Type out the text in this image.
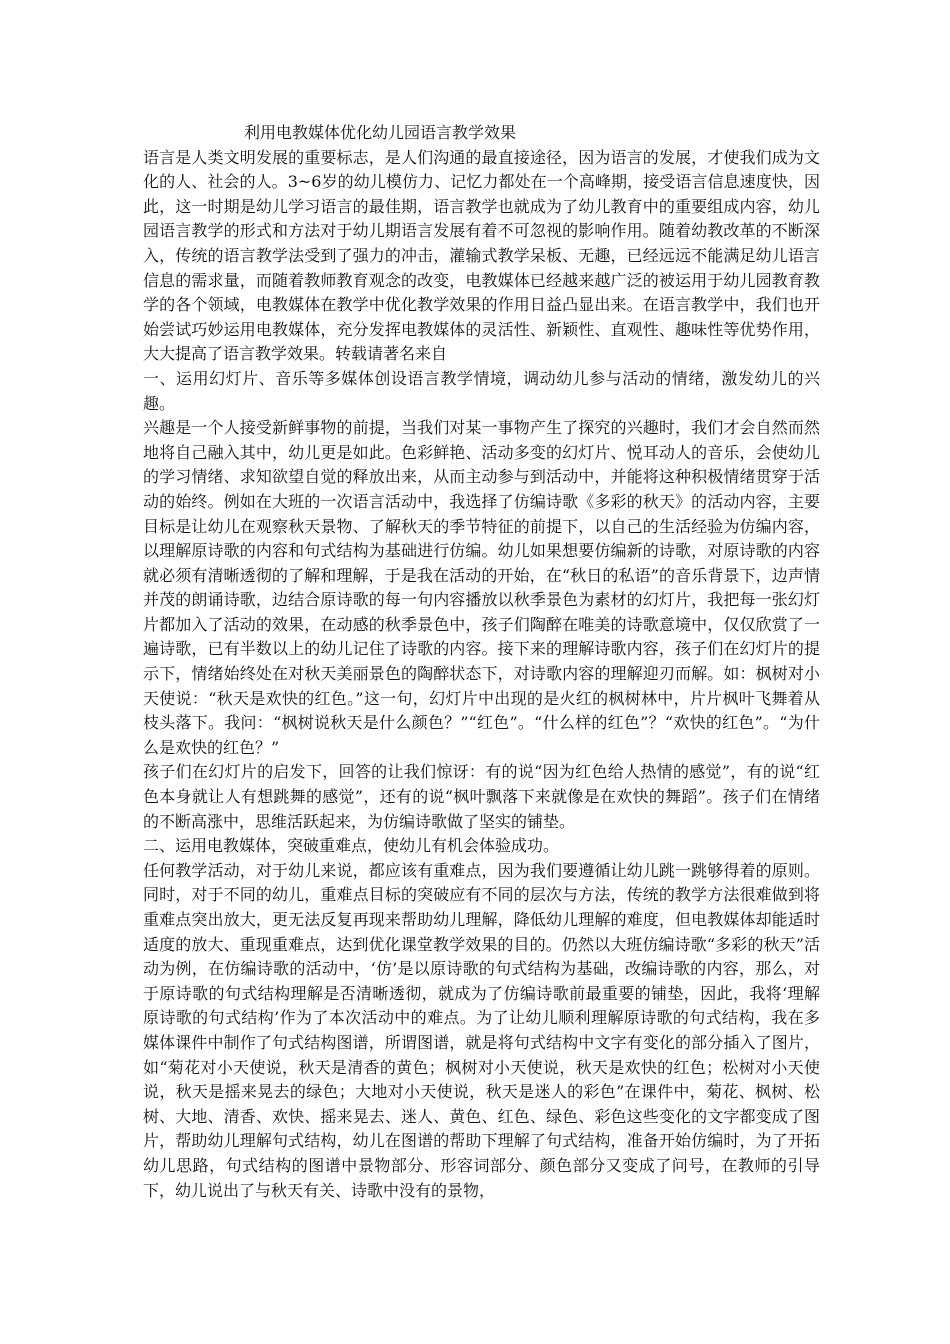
利用电教媒体优化幼儿园语言教学效果

语言是人类文明发展的重要标志，是人们沟通的最直接途径，因为语言的发展，才使我们成为文化的人、社会的人。3~6岁的幼儿模仿力、记忆力都处在一个高峰期，接受语言信息速度快，因此，这一时期是幼儿学习语言的最佳期，语言教学也就成为了幼儿教育中的重要组成内容，幼儿园语言教学的形式和方法对于幼儿期语言发展有着不可忽视的影响作用。随着幼教改革的不断深入，传统的语言教学法受到了强力的冲击，灌输式教学呆板、无趣，已经远远不能满足幼儿语言信息的需求量，而随着教师教育观念的改变，电教媒体已经越来越广泛的被运用于幼儿园教育教学的各个领域，电教媒体在教学中优化教学效果的作用日益凸显出来。在语言教学中，我们也开始尝试巧妙运用电教媒体，充分发挥电教媒体的灵活性、新颖性、直观性、趣味性等优势作用，大大提高了语言教学效果。转载请著名来自

一、运用幻灯片、音乐等多媒体创设语言教学情境，调动幼儿参与活动的情绪，激发幼儿的兴趣。

兴趣是一个人接受新鲜事物的前提，当我们对某一事物产生了探究的兴趣时，我们才会自然而然地将自己融入其中，幼儿更是如此。色彩鲜艳、活动多变的幻灯片、悦耳动人的音乐，会使幼儿的学习情绪、求知欲望自觉的释放出来，从而主动参与到活动中，并能将这种积极情绪贯穿于活动的始终。例如在大班的一次语言活动中，我选择了仿编诗歌《多彩的秋天》的活动内容，主要目标是让幼儿在观察秋天景物、了解秋天的季节特征的前提下，以自己的生活经验为仿编内容，以理解原诗歌的内容和句式结构为基础进行仿编。幼儿如果想要仿编新的诗歌，对原诗歌的内容就必须有清晰透彻的了解和理解，于是我在活动的开始，在“秋日的私语”的音乐背景下，边声情并茂的朗诵诗歌，边结合原诗歌的每一句内容播放以秋季景色为素材的幻灯片，我把每一张幻灯片都加入了活动的效果，在动感的秋季景色中，孩子们陶醉在唯美的诗歌意境中，仅仅欣赏了一遍诗歌，已有半数以上的幼儿记住了诗歌的内容。接下来的理解诗歌内容，孩子们在幻灯片的提示下，情绪始终处在对秋天美丽景色的陶醉状态下，对诗歌内容的理解迎刃而解。如：枫树对小天使说：“秋天是欢快的红色。”这一句，幻灯片中出现的是火红的枫树林中，片片枫叶飞舞着从枝头落下。我问：“枫树说秋天是什么颜色？”“红色”。“什么样的红色”？“欢快的红色”。“为什么是欢快的红色？”

孩子们在幻灯片的启发下，回答的让我们惊讶：有的说“因为红色给人热情的感觉”，有的说“红色本身就让人有想跳舞的感觉”，还有的说“枫叶飘落下来就像是在欢快的舞蹈”。孩子们在情绪的不断高涨中，思维活跃起来，为仿编诗歌做了坚实的铺垫。

二、运用电教媒体，突破重难点，使幼儿有机会体验成功。

任何教学活动，对于幼儿来说，都应该有重难点，因为我们要遵循让幼儿跳一跳够得着的原则。同时，对于不同的幼儿，重难点目标的突破应有不同的层次与方法，传统的教学方法很难做到将重难点突出放大，更无法反复再现来帮助幼儿理解，降低幼儿理解的难度，但电教媒体却能适时适度的放大、重现重难点，达到优化课堂教学效果的目的。仍然以大班仿编诗歌“多彩的秋天”活动为例，在仿编诗歌的活动中，‘仿’是以原诗歌的句式结构为基础，改编诗歌的内容，那么，对于原诗歌的句式结构理解是否清晰透彻，就成为了仿编诗歌前最重要的铺垫，因此，我将‘理解原诗歌的句式结构’作为了本次活动中的难点。为了让幼儿顺利理解原诗歌的句式结构，我在多媒体课件中制作了句式结构图谱，所谓图谱，就是将句式结构中文字有变化的部分插入了图片，如“菊花对小天使说，秋天是清香的黄色；枫树对小天使说，秋天是欢快的红色；松树对小天使说，秋天是摇来晃去的绿色；大地对小天使说，秋天是迷人的彩色”在课件中，菊花、枫树、松树、大地、清香、欢快、摇来晃去、迷人、黄色、红色、绿色、彩色这些变化的文字都变成了图片，帮助幼儿理解句式结构，幼儿在图谱的帮助下理解了句式结构，准备开始仿编时，为了开拓幼儿思路，句式结构的图谱中景物部分、形容词部分、颜色部分又变成了问号，在教师的引导下，幼儿说出了与秋天有关、诗歌中没有的景物，
